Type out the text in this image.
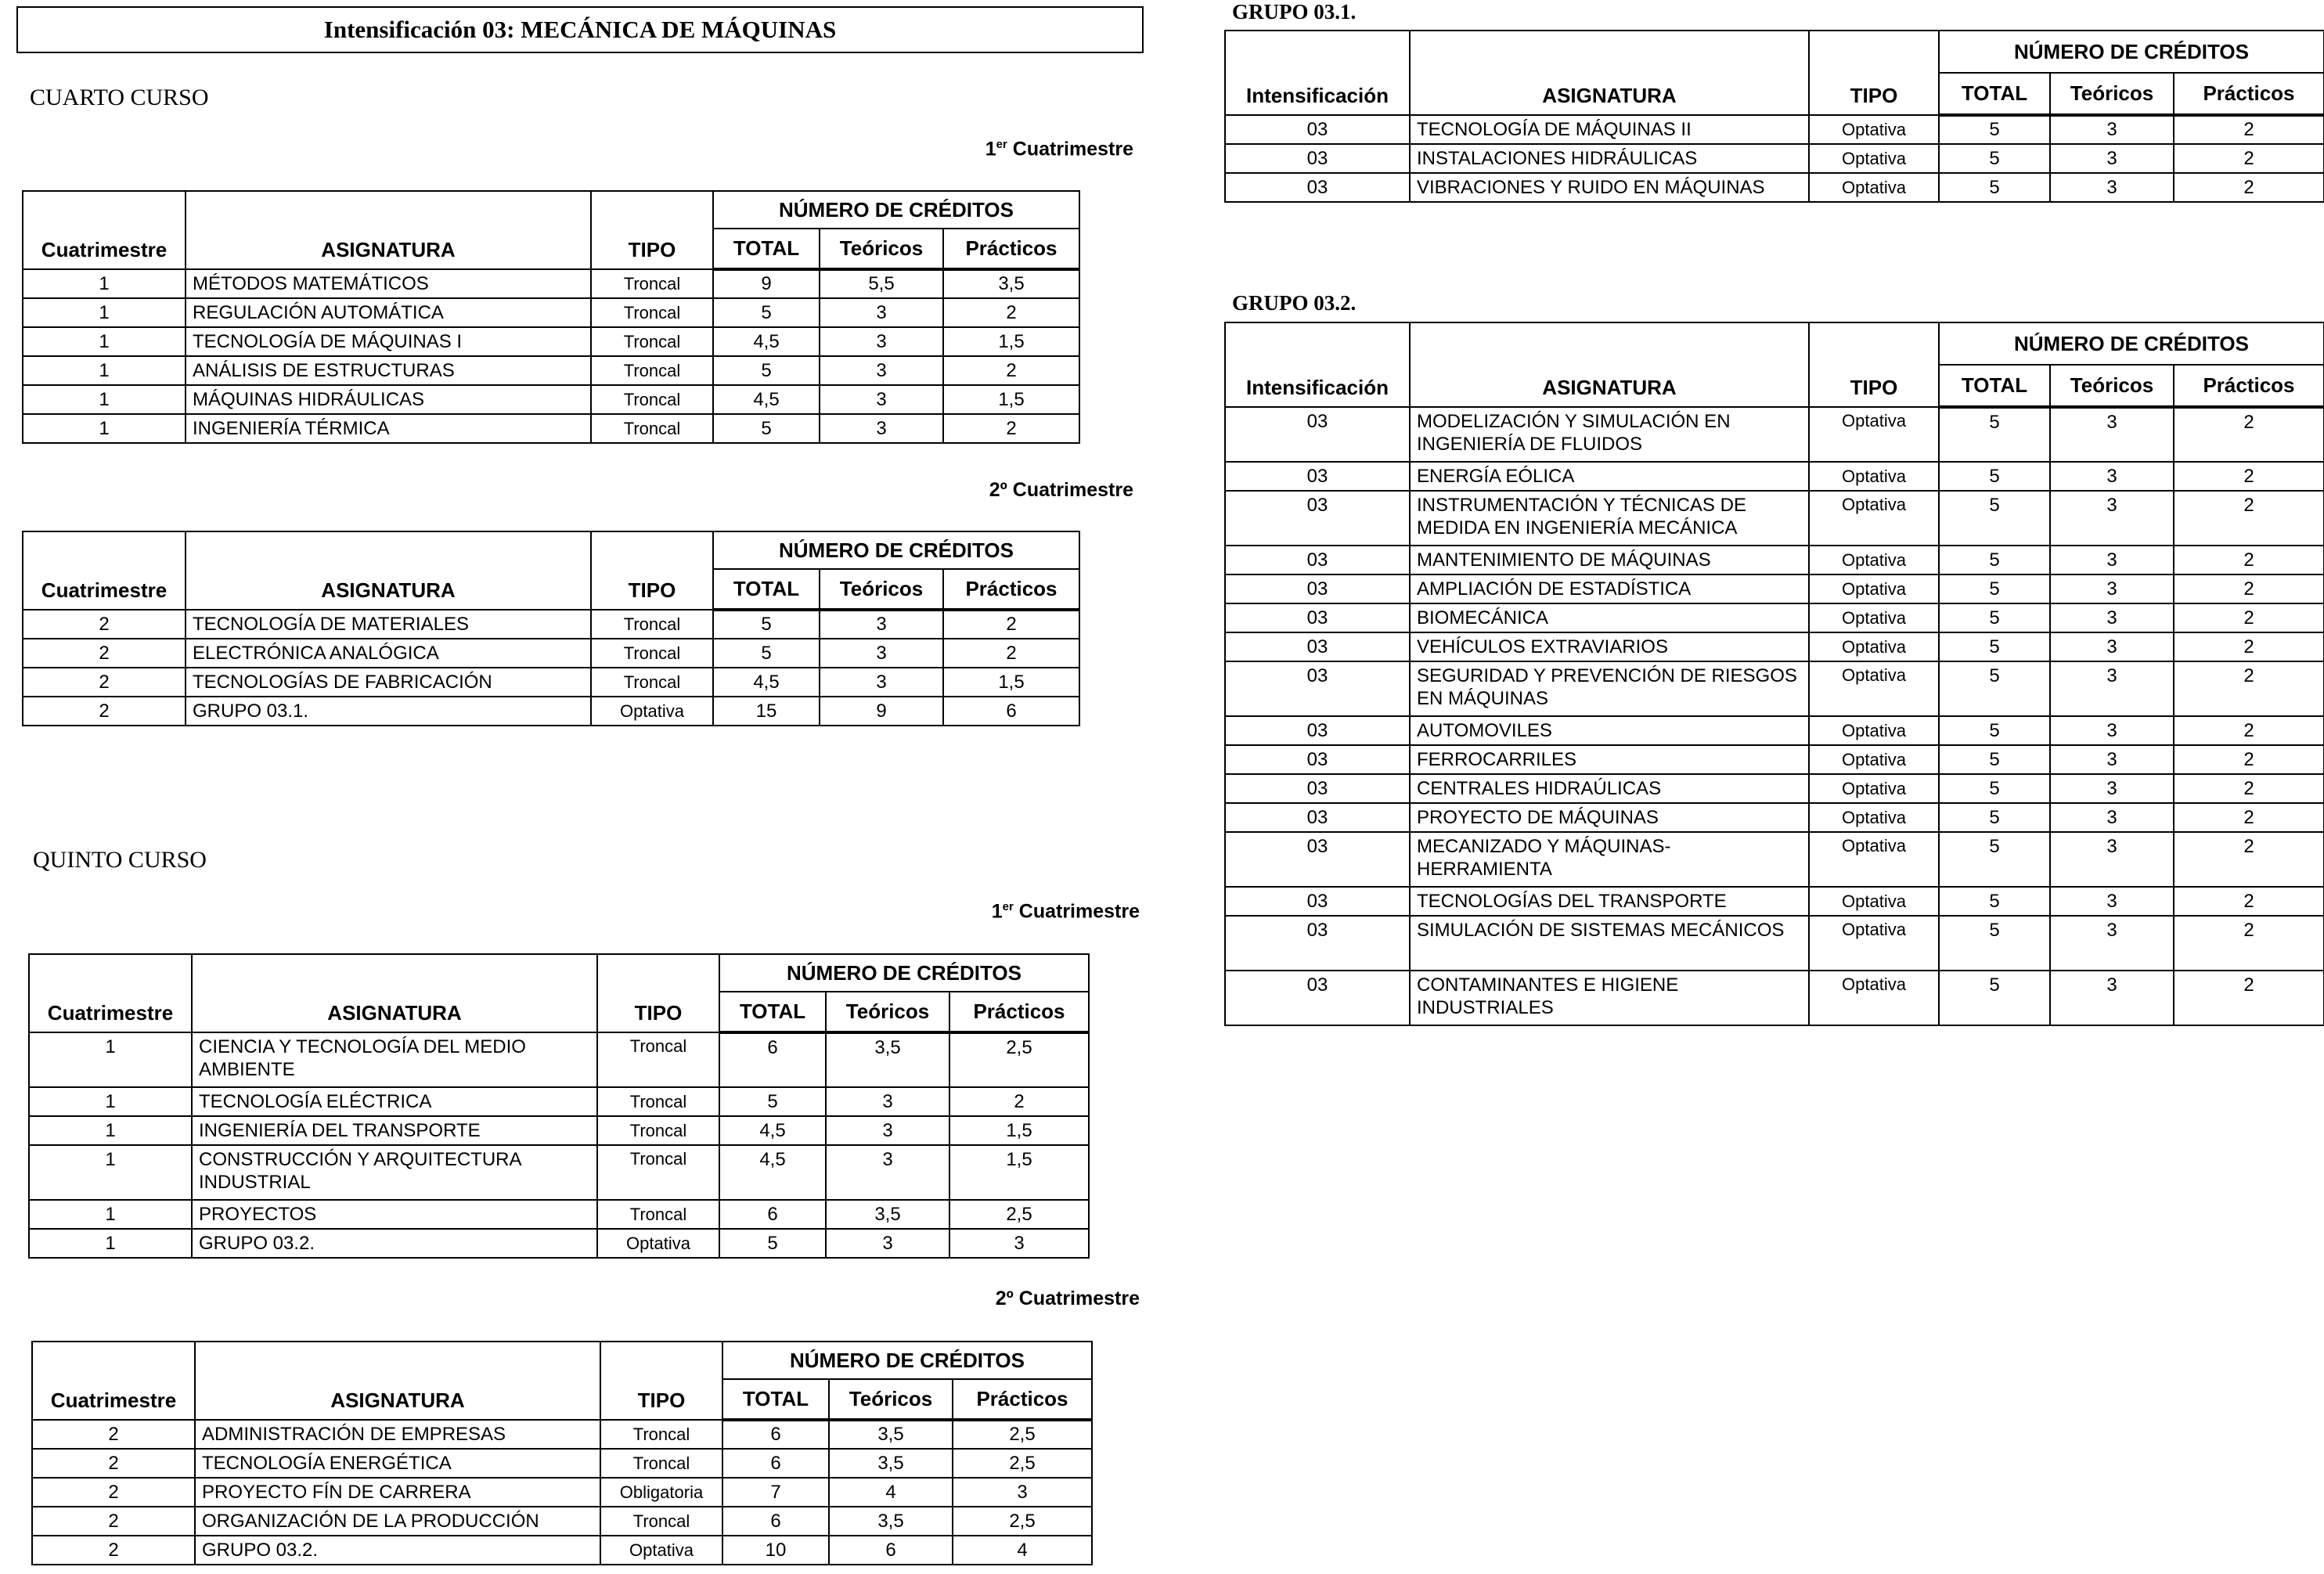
Intensificación 03: MECÁNICA DE MÁQUINAS
CUARTO CURSO
1er Cuatrimestre
Cuatrimestre	ASIGNATURA	TIPO	NÚMERO DE CRÉDITOS		
			TOTAL	Teóricos	Prácticos
1	MÉTODOS MATEMÁTICOS	Troncal	9	5,5	3,5
1	REGULACIÓN AUTOMÁTICA	Troncal	5	3	2
1	TECNOLOGÍA DE MÁQUINAS I	Troncal	4,5	3	1,5
1	ANÁLISIS DE ESTRUCTURAS	Troncal	5	3	2
1	MÁQUINAS HIDRÁULICAS	Troncal	4,5	3	1,5
1	INGENIERÍA TÉRMICA	Troncal	5	3	2
2º Cuatrimestre
Cuatrimestre	ASIGNATURA	TIPO	NÚMERO DE CRÉDITOS		
			TOTAL	Teóricos	Prácticos
2	TECNOLOGÍA DE MATERIALES	Troncal	5	3	2
2	ELECTRÓNICA ANALÓGICA	Troncal	5	3	2
2	TECNOLOGÍAS DE FABRICACIÓN	Troncal	4,5	3	1,5
2	GRUPO 03.1.	Optativa	15	9	6
QUINTO CURSO
1er Cuatrimestre
Cuatrimestre	ASIGNATURA	TIPO	NÚMERO DE CRÉDITOS		
			TOTAL	Teóricos	Prácticos
1	CIENCIA Y TECNOLOGÍA DEL MEDIO AMBIENTE	Troncal	6	3,5	2,5
1	TECNOLOGÍA ELÉCTRICA	Troncal	5	3	2
1	INGENIERÍA DEL TRANSPORTE	Troncal	4,5	3	1,5
1	CONSTRUCCIÓN Y ARQUITECTURA INDUSTRIAL	Troncal	4,5	3	1,5
1	PROYECTOS	Troncal	6	3,5	2,5
1	GRUPO 03.2.	Optativa	5	3	3
2º Cuatrimestre
Cuatrimestre	ASIGNATURA	TIPO	NÚMERO DE CRÉDITOS		
			TOTAL	Teóricos	Prácticos
2	ADMINISTRACIÓN DE EMPRESAS	Troncal	6	3,5	2,5
2	TECNOLOGÍA ENERGÉTICA	Troncal	6	3,5	2,5
2	PROYECTO FÍN DE CARRERA	Obligatoria	7	4	3
2	ORGANIZACIÓN DE LA PRODUCCIÓN	Troncal	6	3,5	2,5
2	GRUPO 03.2.	Optativa	10	6	4
GRUPO 03.1.
Intensificación	ASIGNATURA	TIPO	NÚMERO DE CRÉDITOS		
			TOTAL	Teóricos	Prácticos
03	TECNOLOGÍA DE MÁQUINAS II	Optativa	5	3	2
03	INSTALACIONES HIDRÁULICAS	Optativa	5	3	2
03	VIBRACIONES Y RUIDO EN MÁQUINAS	Optativa	5	3	2
GRUPO 03.2.
Intensificación	ASIGNATURA	TIPO	NÚMERO DE CRÉDITOS		
			TOTAL	Teóricos	Prácticos
03	MODELIZACIÓN Y SIMULACIÓN EN INGENIERÍA DE FLUIDOS	Optativa	5	3	2
03	ENERGÍA EÓLICA	Optativa	5	3	2
03	INSTRUMENTACIÓN Y TÉCNICAS DE MEDIDA EN INGENIERÍA MECÁNICA	Optativa	5	3	2
03	MANTENIMIENTO DE MÁQUINAS	Optativa	5	3	2
03	AMPLIACIÓN DE ESTADÍSTICA	Optativa	5	3	2
03	BIOMECÁNICA	Optativa	5	3	2
03	VEHÍCULOS EXTRAVIARIOS	Optativa	5	3	2
03	SEGURIDAD Y PREVENCIÓN DE RIESGOS EN MÁQUINAS	Optativa	5	3	2
03	AUTOMOVILES	Optativa	5	3	2
03	FERROCARRILES	Optativa	5	3	2
03	CENTRALES HIDRAÚLICAS	Optativa	5	3	2
03	PROYECTO DE MÁQUINAS	Optativa	5	3	2
03	MECANIZADO Y MÁQUINAS-HERRAMIENTA	Optativa	5	3	2
03	TECNOLOGÍAS DEL TRANSPORTE	Optativa	5	3	2
03	SIMULACIÓN DE SISTEMAS MECÁNICOS	Optativa	5	3	2
03	CONTAMINANTES E HIGIENE INDUSTRIALES	Optativa	5	3	2
